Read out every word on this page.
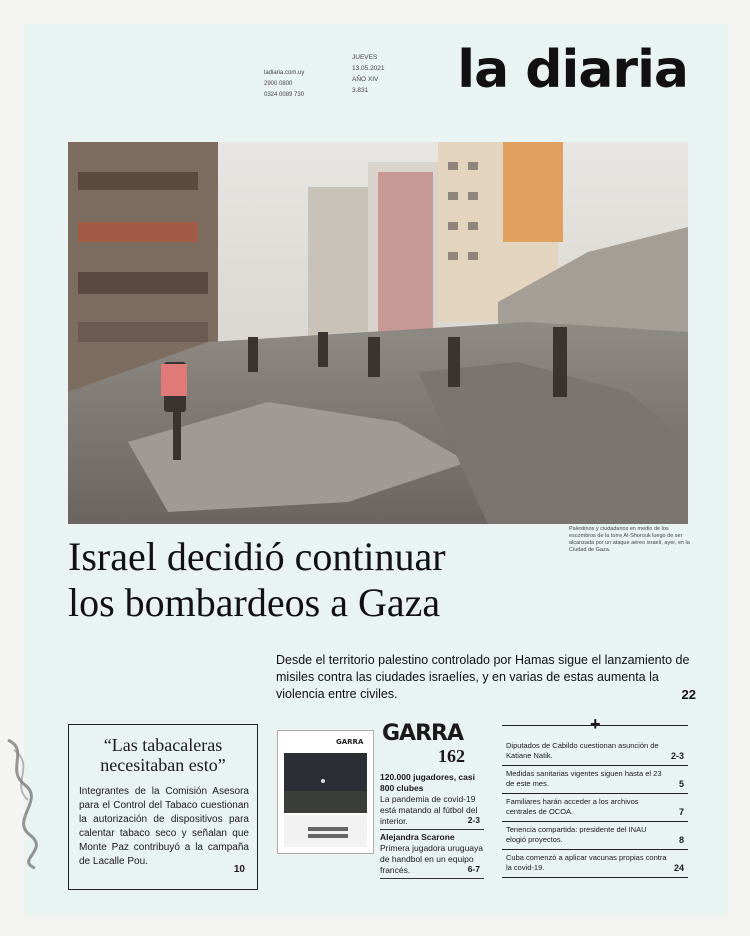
ladiaria.com.uy
2900 0800
0324 0089 730
JUEVES
13.05.2021
AÑO XIV
3.831	la diaria
Palestinos y ciudadanos en medio de los escombros de la torre Al-Shorouk luego de ser alcanzada por un ataque aéreo israelí, ayer, en la Ciudad de Gaza.
Israel decidió continuar
los bombardeos a Gaza
Desde el territorio palestino controlado por Hamas sigue el lanzamiento de misiles contra las ciudades israelíes, y en varias de estas aumenta la violencia entre civiles.	22
“Las tabacaleras necesitaban esto”
Integrantes de la Comisión Asesora para el Control del Tabaco cuestionan la autorización de dispositivos para calentar tabaco seco y señalan que Monte Paz contribuyó a la campaña de Lacalle Pou.
10
GARRA GARRA
162
120.000 jugadores, casi 800 clubes
La pandemia de covid-19 está matando al fútbol del interior.	2-3
Alejandra Scarone
Primera jugadora uruguaya de handbol en un equipo francés.	6-7
+
Diputados de Cabildo cuestionan asunción de Katiane Natik.	2-3
Medidas sanitarias vigentes siguen hasta el 23 de este mes.	5
Familiares harán acceder a los archivos centrales de OCOA.	7
Tenencia compartida: presidente del INAU elogió proyectos.	8
Cuba comenzó a aplicar vacunas propias contra la covid-19.	24
